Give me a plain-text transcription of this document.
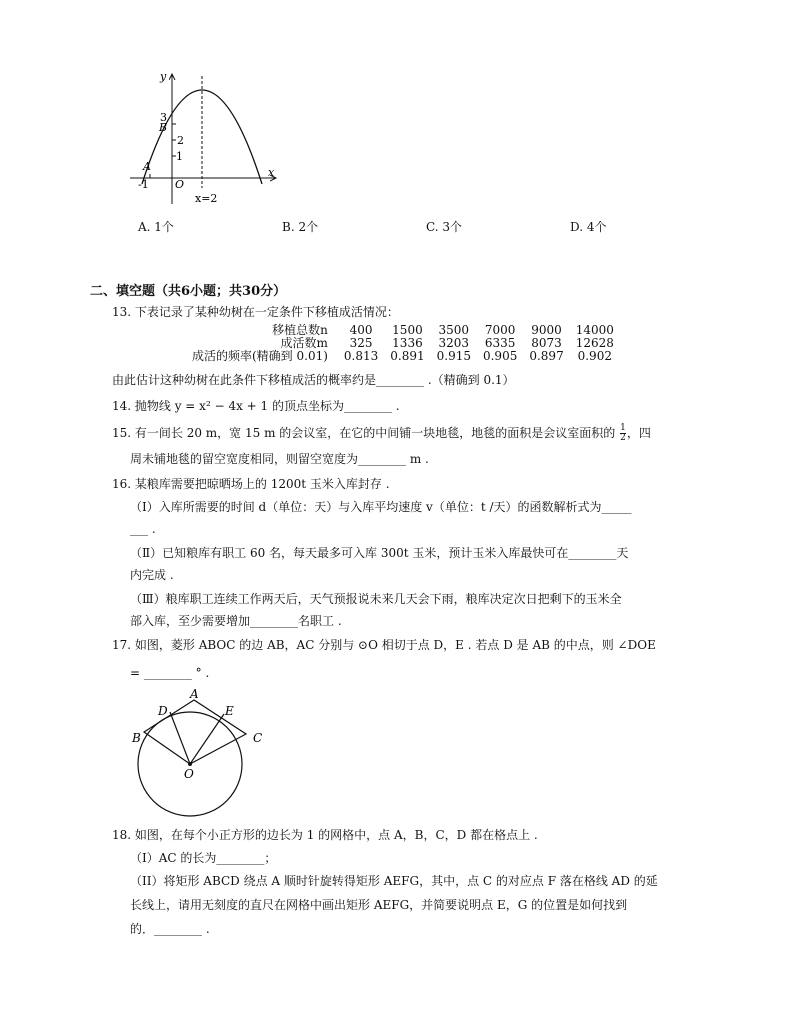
y
x
3
B
2
1
A
-1 O
x=2
A. 1个	B. 2个	C. 3个	D. 4个
二、填空题（共6小题；共30分）
13. 下表记录了某种幼树在一定条件下移植成活情况：
移植总数n	400	1500	3500	7000	9000	14000
成活数m	325	1336	3203	6335	8073	12628
成活的频率(精确到 0.01)	0.813	0.891	0.915	0.905	0.897	0.902
由此估计这种幼树在此条件下移植成活的概率约是________ .（精确到 0.1）
14. 抛物线 y = x² − 4x + 1 的顶点坐标为________ .
15. 有一间长 20 m，宽 15 m 的会议室，在它的中间铺一块地毯，地毯的面积是会议室面积的 $\frac{1}{2}$ ，四
周未铺地毯的留空宽度相同，则留空宽度为________ m .
16. 某粮库需要把晾晒场上的 1200t 玉米入库封存 .
（Ⅰ）入库所需要的时间 d（单位：天）与入库平均速度 v（单位：t /天）的函数解析式为_____
___ .
（Ⅱ）已知粮库有职工 60 名，每天最多可入库 300t 玉米，预计玉米入库最快可在________天
内完成 .
（Ⅲ）粮库职工连续工作两天后，天气预报说未来几天会下雨，粮库决定次日把剩下的玉米全
部入库，至少需要增加________名职工 .
17. 如图，菱形 ABOC 的边 AB，AC 分别与 ⊙O 相切于点 D，E . 若点 D 是 AB 的中点，则 ∠DOE
= ________ ° .
A
B	C
D	E
O
18. 如图，在每个小正方形的边长为 1 的网格中，点 A，B，C，D 都在格点上 .
（I）AC 的长为________；
（II）将矩形 ABCD 绕点 A 顺时针旋转得矩形 AEFG，其中，点 C 的对应点 F 落在格线 AD 的延
长线上，请用无刻度的直尺在网格中画出矩形 AEFG，并简要说明点 E，G 的位置是如何找到
的．________ .
